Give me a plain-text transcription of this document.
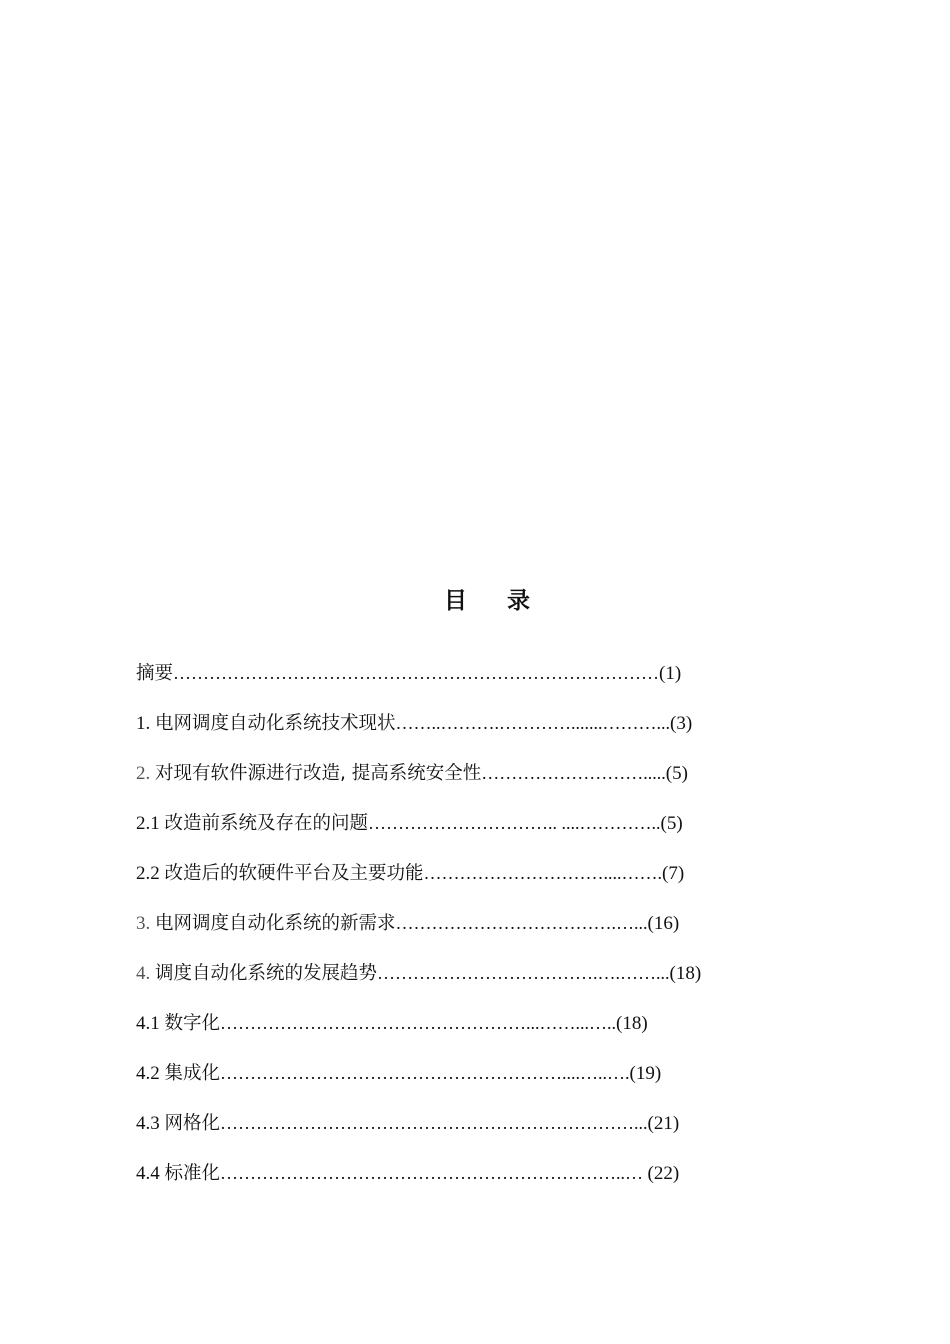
目 录
摘要………………………………………………………………………(1)
1. 电网调度自动化系统技术现状……..……….………….......………...(3)
2. 对现有软件源进行改造, 提高系统安全性……………………….....(5)
2.1 改造前系统及存在的问题………………………….. ....…………..(5)
2.2 改造后的软硬件平台及主要功能…………………………....…….(7)
3. 电网调度自动化系统的新需求……………………………….…...(16)
4. 调度自动化系统的发展趋势……………………………….….……...(18)
4.1 数字化……………………………………………...……...…..(18)
4.2 集成化…………………………………………………....…..….(19)
4.3 网格化……………………………………………………………...(21)
4.4 标准化…………………………………………………………..… (22)
